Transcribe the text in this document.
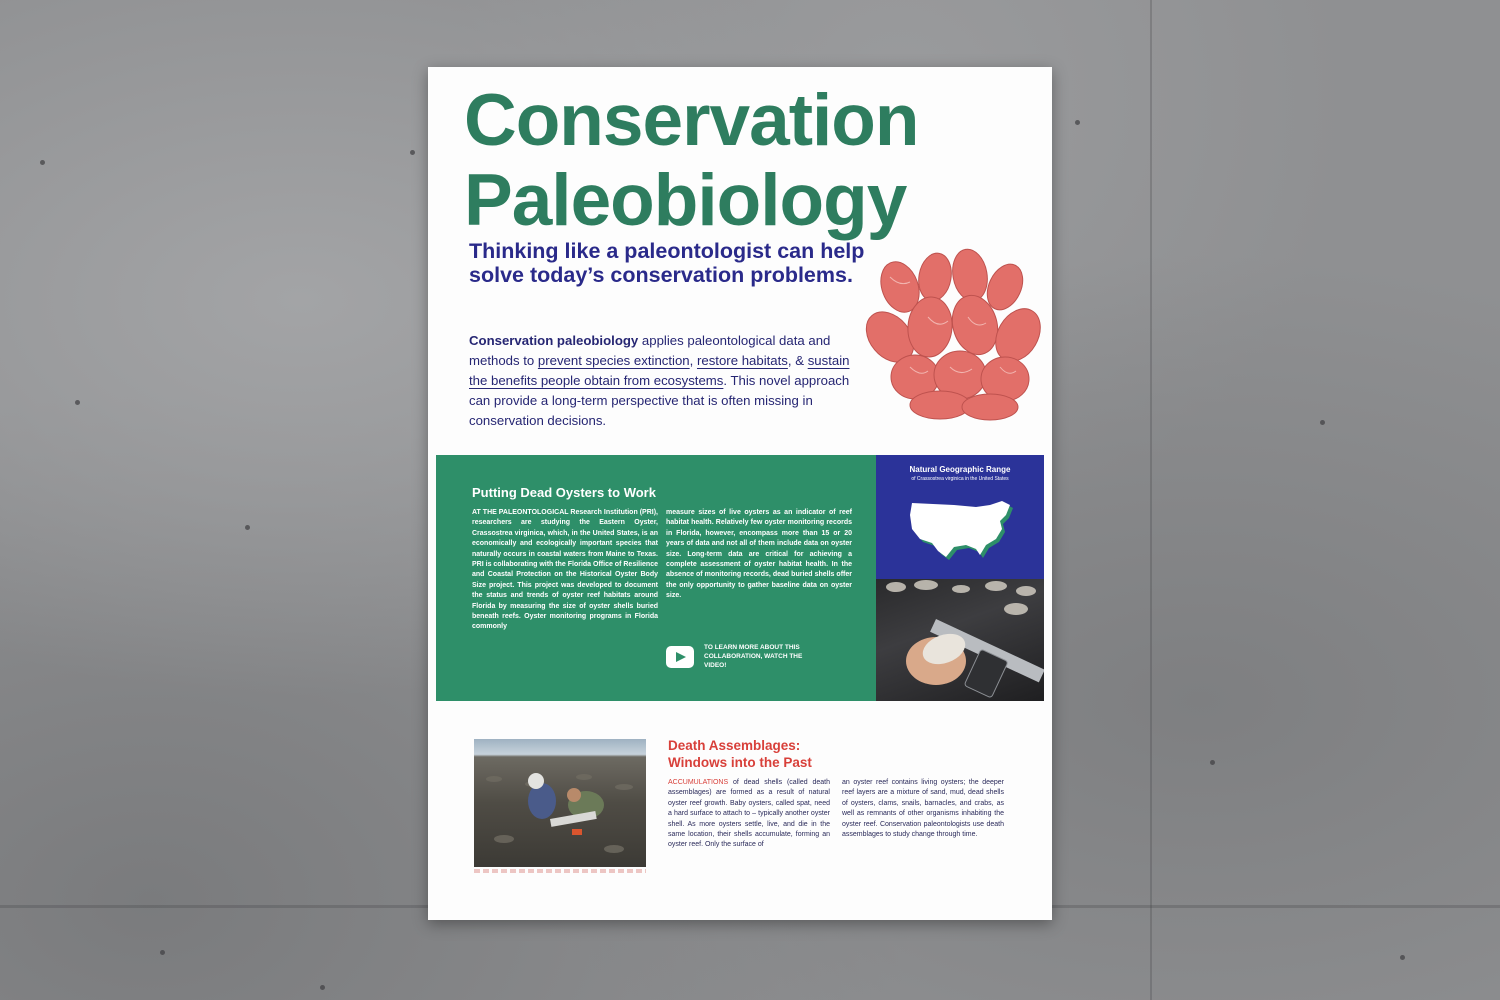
Conservation
Paleobiology

Thinking like a paleontologist can help solve today’s conservation problems.

Conservation paleobiology applies paleontological data and methods to prevent species extinction, restore habitats, & sustain the benefits people obtain from ecosystems. This novel approach can provide a long-term perspective that is often missing in conservation decisions.

Putting Dead Oysters to Work

AT THE PALEONTOLOGICAL Research Institution (PRI), researchers are studying the Eastern Oyster, Crassostrea virginica, which, in the United States, is an economically and ecologically important species that naturally occurs in coastal waters from Maine to Texas. PRI is collaborating with the Florida Office of Resilience and Coastal Protection on the Historical Oyster Body Size project. This project was developed to document the status and trends of oyster reef habitats around Florida by measuring the size of oyster shells buried beneath reefs. Oyster monitoring programs in Florida commonly

measure sizes of live oysters as an indicator of reef habitat health. Relatively few oyster monitoring records in Florida, however, encompass more than 15 or 20 years of data and not all of them include data on oyster size. Long-term data are critical for achieving a complete assessment of oyster habitat health. In the absence of monitoring records, dead buried shells offer the only opportunity to gather baseline data on oyster size.

TO LEARN MORE ABOUT THIS COLLABORATION, WATCH THE VIDEO!

Natural Geographic Range

of Crassostrea virginica in the United States

Death Assemblages:
Windows into the Past

ACCUMULATIONS of dead shells (called death assemblages) are formed as a result of natural oyster reef growth. Baby oysters, called spat, need a hard surface to attach to – typically another oyster shell. As more oysters settle, live, and die in the same location, their shells accumulate, forming an oyster reef. Only the surface of

an oyster reef contains living oysters; the deeper reef layers are a mixture of sand, mud, dead shells of oysters, clams, snails, barnacles, and crabs, as well as remnants of other organisms inhabiting the oyster reef. Conservation paleontologists use death assemblages to study change through time.
